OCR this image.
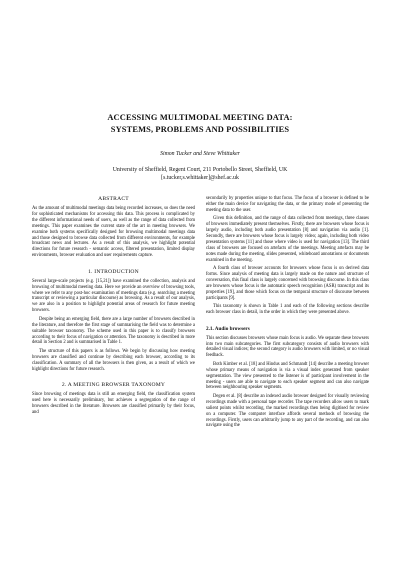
ACCESSING MULTIMODAL MEETING DATA:
SYSTEMS, PROBLEMS AND POSSIBILITIES
Simon Tucker and Steve Whittaker
University of Sheffield, Regent Court, 211 Portobello Street, Sheffield, UK
[s.tucker,s.whittaker]@shef.ac.uk
ABSTRACT

As the amount of multimodal meetings data being recorded increases, so does the need for sophisticated mechanisms for accessing this data. This process is complicated by the different informational needs of users, as well as the range of data collected from meetings. This paper examines the current state of the art in meeting browsers. We examine both systems specifically designed for browsing multimodal meetings data and those designed to browse data collected from different environments, for example broadcast news and lectures. As a result of this analysis, we highlight potential directions for future research - semantic access, filtered presentation, limited display environments, browser evaluation and user requirements capture.

1. INTRODUCTION

Several large-scale projects (e.g. [15,21]) have examined the collection, analysis and browsing of multimodal meeting data. Here we provide an overview of browsing tools, where we refer to any post-hoc examination of meetings data (e.g. searching a meeting transcript or reviewing a particular discourse) as browsing. As a result of our analysis, we are also in a position to highlight potential areas of research for future meeting browsers.

Despite being an emerging field, there are a large number of browsers described in the literature, and therefore the first stage of summarising the field was to determine a suitable browser taxonomy. The scheme used in this paper is to classify browsers according to their focus of navigation or attention. The taxonomy is described in more detail in Section 2 and is summarised in Table 1.

The structure of this papers is as follows. We begin by discussing how meeting browsers are classified and continue by describing each browser, according to its classification. A summary of all the browsers is then given, as a result of which we highlight directions for future research.

2. A MEETING BROWSER TAXONOMY

Since browsing of meetings data is still an emerging field, the classification system used here is necessarily preliminary, but achieves a segregation of the range of browsers described in the literature. Browsers are classified primarily by their focus, and

secondarily by properties unique to that focus. The focus of a browser is defined to be either the main device for navigating the data, or the primary mode of presenting the meeting data to the user.

Given this definition, and the range of data collected from meetings, three classes of browsers immediately present themselves. Firstly, there are browsers whose focus is largely audio, including both audio presentation [8] and navigation via audio [1]. Secondly, there are browsers whose focus is largely video; again, including both video presentation systems [11] and those where video is used for navigation [13]. The third class of browsers are focused on artefacts of the meetings. Meeting artefacts may be notes made during the meeting, slides presented, whiteboard annotations or documents examined in the meeting.

A fourth class of browser accounts for browsers whose focus is on derived data forms. Since analysis of meeting data is largely made on the nature and structure of conversation, this final class is largely concerned with browsing discourse. In this class are browsers whose focus is the automatic speech recognition (ASR) transcript and its properties [19], and those which focus on the temporal structure of discourse between participants [9].

This taxonomy is shown in Table 1 and each of the following sections describe each browser class in detail, in the order in which they were presented above.

2.1. Audio browsers

This section discusses browsers whose main focus is audio. We separate these browsers into two main subcategories. The first subcategory consists of audio browsers with detailed visual indices; the second category is audio browsers with limited, or no visual feedback.

Both Kimber et al. [18] and Hindus and Schmandt [14] describe a meeting browser whose primary means of navigation is via a visual index generated from speaker segmentation. The view presented to the listener is of participant involvement in the meeting - users are able to navigate to each speaker segment and can also navigate between neighbouring speaker segments.

Degen et al. [8] describe an indexed audio browser designed for visually reviewing recordings made with a personal tape recorder. The tape recorders allow users to mark salient points whilst recording, the marked recordings then being digitised for review on a computer. The computer interface affords several methods of browsing the recordings. Firstly, users can arbitrarily jump to any part of the recording, and can also navigate using the
